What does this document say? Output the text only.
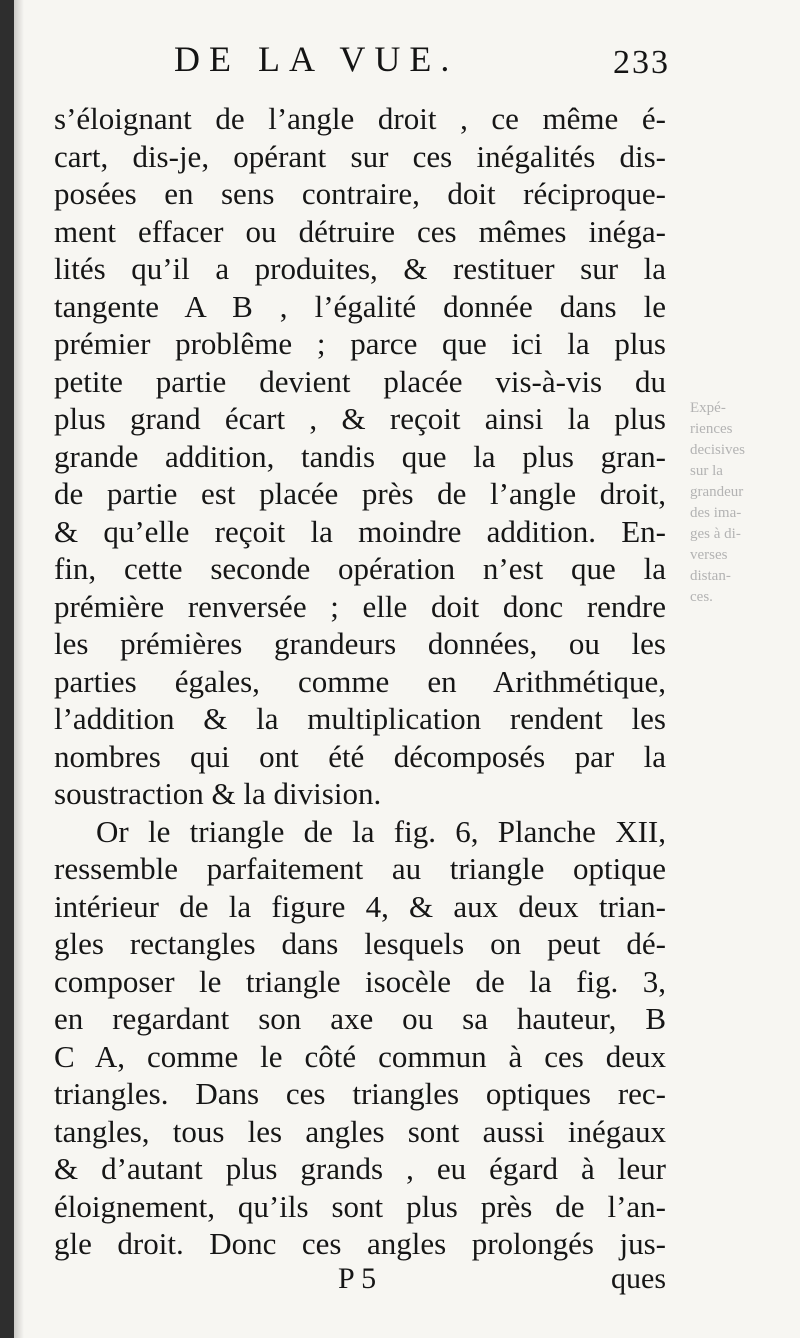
DE LA VUE.	233
s’éloignant de l’angle droit , ce même é-
cart, dis-je, opérant sur ces inégalités dis-
posées en sens contraire, doit réciproque-
ment effacer ou détruire ces mêmes inéga-
lités qu’il a produites, & restituer sur la
tangente A B , l’égalité donnée dans le
prémier problême ; parce que ici la plus
petite partie devient placée vis-à-vis du
plus grand écart , & reçoit ainsi la plus
grande addition, tandis que la plus gran-
de partie est placée près de l’angle droit,
& qu’elle reçoit la moindre addition. En-
fin, cette seconde opération n’est que la
prémière renversée ; elle doit donc rendre
les prémières grandeurs données, ou les
parties égales, comme en Arithmétique,
l’addition & la multiplication rendent les
nombres qui ont été décomposés par la
soustraction & la division.
Or le triangle de la fig. 6, Planche XII,
ressemble parfaitement au triangle optique
intérieur de la figure 4, & aux deux trian-
gles rectangles dans lesquels on peut dé-
composer le triangle isocèle de la fig. 3,
en regardant son axe ou sa hauteur, B
C A, comme le côté commun à ces deux
triangles. Dans ces triangles optiques rec-
tangles, tous les angles sont aussi inégaux
& d’autant plus grands , eu égard à leur
éloignement, qu’ils sont plus près de l’an-
gle droit. Donc ces angles prolongés jus-
Expé-
riences
decisives
sur la
grandeur
des ima-
ges à di-
verses
distan-
ces.
P 5	ques
